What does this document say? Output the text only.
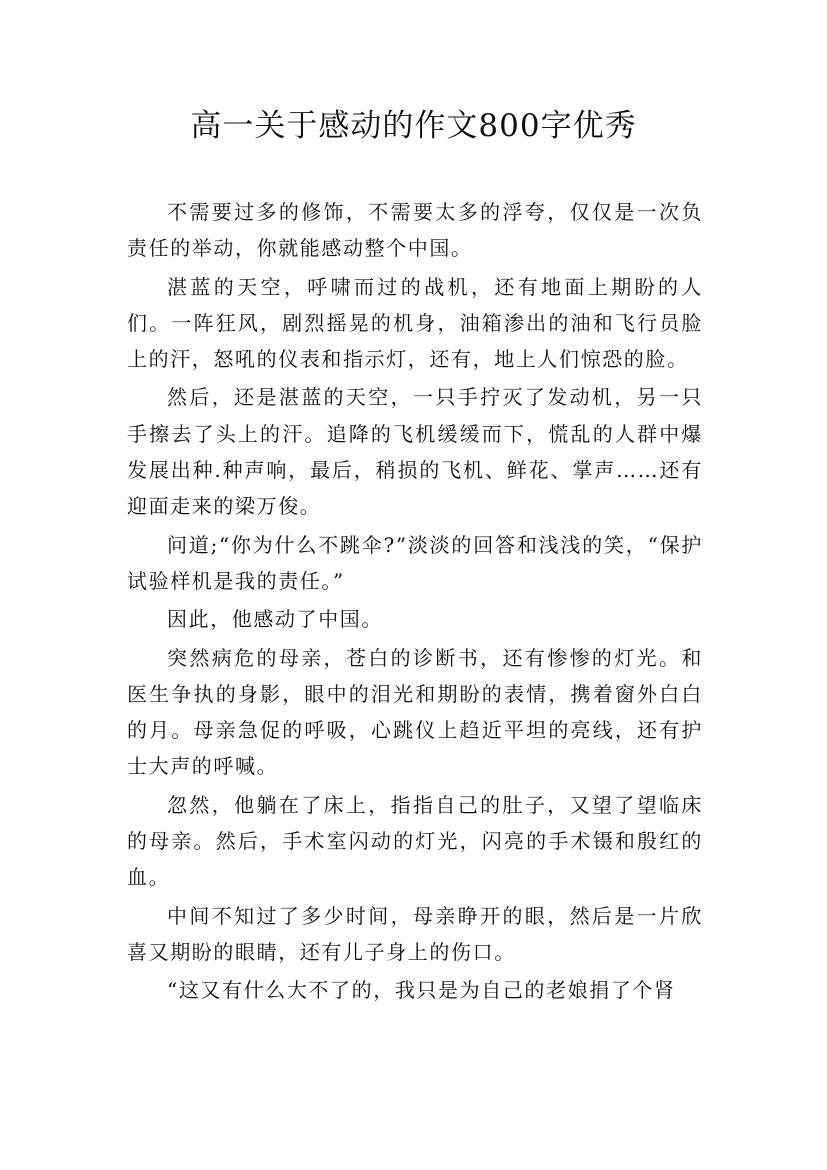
高一关于感动的作文800字优秀

不需要过多的修饰，不需要太多的浮夸，仅仅是一次负责任的举动，你就能感动整个中国。

湛蓝的天空，呼啸而过的战机，还有地面上期盼的人们。一阵狂风，剧烈摇晃的机身，油箱渗出的油和飞行员脸上的汗，怒吼的仪表和指示灯，还有，地上人们惊恐的脸。

然后，还是湛蓝的天空，一只手拧灭了发动机，另一只手擦去了头上的汗。追降的飞机缓缓而下，慌乱的人群中爆发展出种.种声响，最后，稍损的飞机、鲜花、掌声……还有迎面走来的梁万俊。

问道;“你为什么不跳伞?”淡淡的回答和浅浅的笑，“保护试验样机是我的责任。”

因此，他感动了中国。

突然病危的母亲，苍白的诊断书，还有惨惨的灯光。和医生争执的身影，眼中的泪光和期盼的表情，携着窗外白白的月。母亲急促的呼吸，心跳仪上趋近平坦的亮线，还有护士大声的呼喊。

忽然，他躺在了床上，指指自己的肚子，又望了望临床的母亲。然后，手术室闪动的灯光，闪亮的手术镊和殷红的血。

中间不知过了多少时间，母亲睁开的眼，然后是一片欣喜又期盼的眼睛，还有儿子身上的伤口。

“这又有什么大不了的，我只是为自己的老娘捐了个肾
